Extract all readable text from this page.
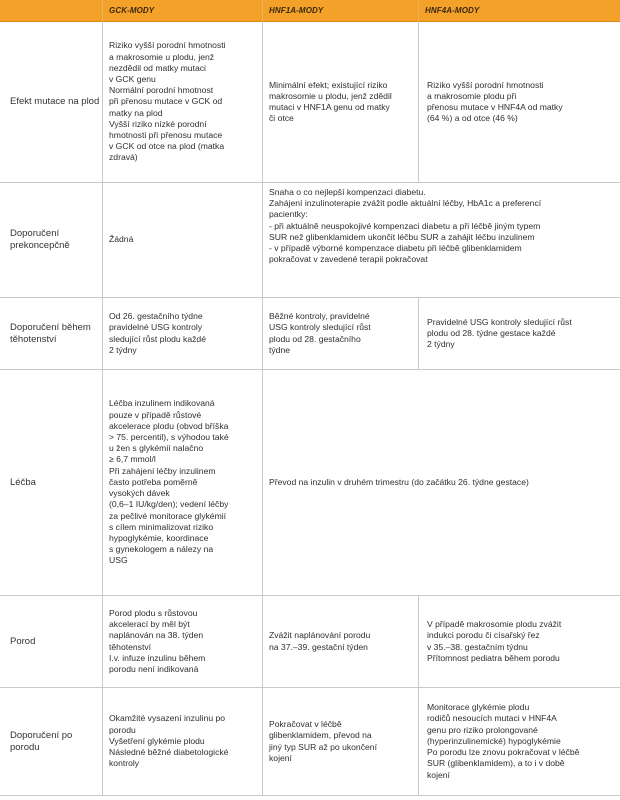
GCK-MODY	HNF1A-MODY	HNF4A-MODY
Efekt mutace na plod
Riziko vyšší porodní hmotnosti
a makrosomie u plodu, jenž
nezdědil od matky mutaci
v GCK genu
Normální porodní hmotnost
při přenosu mutace v GCK od
matky na plod
Vyšší riziko nízké porodní
hmotnosti při přenosu mutace
v GCK od otce na plod (matka
zdravá)
Minimální efekt; existující riziko
makrosomie u plodu, jenž zdědil
mutaci v HNF1A genu od matky
či otce
Riziko vyšší porodní hmotnosti
a makrosomie plodu při
přenosu mutace v HNF4A od matky
(64 %) a od otce (46 %)
Doporučení prekoncepčně
Žádná
Snaha o co nejlepší kompenzaci diabetu.
Zahájení inzulinoterapie zvážit podle aktuální léčby, HbA1c a preferencí
pacientky:
- při aktuálně neuspokojivé kompenzaci diabetu a při léčbě jiným typem
SUR než glibenklamidem ukončit léčbu SUR a zahájit léčbu inzulinem
- v případě výborné kompenzace diabetu při léčbě glibenklamidem
pokračovat v zavedené terapii pokračovat
Doporučení během těhotenství
Od 26. gestačního týdne
pravidelné USG kontroly
sledující růst plodu každé
2 týdny
Běžné kontroly, pravidelné
USG kontroly sledující růst
plodu od 28. gestačního
týdne
Pravidelné USG kontroly sledující růst
plodu od 28. týdne gestace každé
2 týdny
Léčba
Léčba inzulinem indikovaná
pouze v případě růstové
akcelerace plodu (obvod bříška
> 75. percentil), s výhodou také
u žen s glykémií nalačno
≥ 6,7 mmol/l
Při zahájení léčby inzulinem
často potřeba poměrně
vysokých dávek
(0,6–1 IU/kg/den); vedení léčby
za pečlivé monitorace glykémií
s cílem minimalizovat riziko
hypoglykémie, koordinace
s gynekologem a nálezy na
USG
Převod na inzulin v druhém trimestru (do začátku 26. týdne gestace)
Porod
Porod plodu s růstovou
akcelerací by měl být
naplánován na 38. týden
těhotenství
I.v. infuze inzulinu během
porodu není indikovaná
Zvážit naplánování porodu
na 37.–39. gestační týden
V případě makrosomie plodu zvážit
indukci porodu či císařský řez
v 35.–38. gestačním týdnu
Přítomnost pediatra během porodu
Doporučení po porodu
Okamžité vysazení inzulinu po
porodu
Vyšetření glykémie plodu
Následné běžné diabetologické
kontroly
Pokračovat v léčbě
glibenklamidem, převod na
jiný typ SUR až po ukončení
kojení
Monitorace glykémie plodu
rodičů nesoucích mutaci v HNF4A
genu pro riziko prolongované
(hyperinzulinemické) hypoglykémie
Po porodu lze znovu pokračovat v léčbě
SUR (glibenklamidem), a to i v době
kojení
